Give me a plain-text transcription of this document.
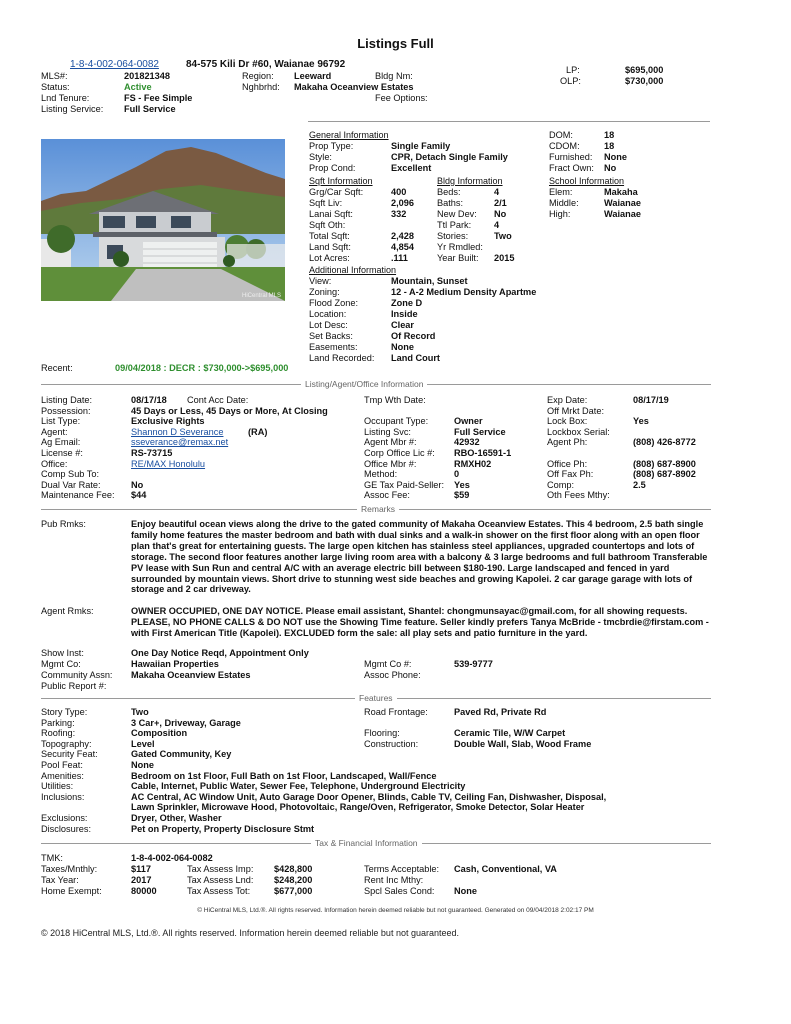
Listings Full
1-8-4-002-064-0082	84-575 Kili Dr #60, Waianae 96792
MLS#:	201821348
Status:	Active
Lnd Tenure:	FS - Fee Simple
Listing Service: Full Service
Region: Leeward
Nghbrhd: Makaha Oceanview Estates
Bldg Nm:
Fee Options:
LP:	$695,000
OLP:	$730,000
HiCentral MLS
General Information
Prop Type:	Single Family
Style:	CPR, Detach Single Family
Prop Cond:	Excellent
DOM:	18
CDOM:	18
Furnished: None
Fract Own: No
Sqft Information
Grg/Car Sqft:	400
Sqft Liv:	2,096
Lanai Sqft:	332
Sqft Oth:
Total Sqft:	2,428
Land Sqft:	4,854
Lot Acres:	.111
Bldg Information
Beds:	4
Baths:	2/1
New Dev: No
Ttl Park: 4
Stories:	Two
Yr Rmdled:
Year Built: 2015
School Information
Elem:	Makaha
Middle:	Waianae
High:	Waianae
Additional Information
View:	Mountain, Sunset
Zoning:	12 - A-2 Medium Density Apartme
Flood Zone:	Zone D
Location:	Inside
Lot Desc:	Clear
Set Backs:	Of Record
Easements:	None
Land Recorded: Land Court
Recent:	09/04/2018 : DECR : $730,000->$695,000
Listing/Agent/Office Information
Listing Date:	08/17/18
Possession:	45 Days or Less, 45 Days or More, At Closing
List Type:	Exclusive Rights
Agent:	Shannon D Severance	(RA)
Ag Email:	sseverance@remax.net
License #:	RS-73715
Office:	RE/MAX Honolulu
Comp Sub To:
Dual Var Rate:	No
Maintenance Fee: $44
Cont Acc Date:	Tmp Wth Date:
Occupant Type:	Owner
Listing Svc:	Full Service
Agent Mbr #:	42932
Corp Office Lic #: RBO-16591-1
Office Mbr #:	RMXH02
Method:	0
GE Tax Paid-Seller: Yes
Assoc Fee:	$59
Exp Date:	08/17/19
Off Mrkt Date:
Lock Box:	Yes
Lockbox Serial:
Agent Ph:	(808) 426-8772
Office Ph:	(808) 687-8900
Off Fax Ph:	(808) 687-8902
Comp:	2.5
Oth Fees Mthy:
Remarks
Pub Rmks:	Enjoy beautiful ocean views along the drive to the gated community of Makaha Oceanview Estates. This 4 bedroom, 2.5 bath single family home features the master bedroom and bath with dual sinks and a walk-in shower on the first floor along with an open floor plan that's great for entertaining guests. The large open kitchen has stainless steel appliances, upgraded countertops and lots of storage. The second floor features another large living room area with a balcony & 3 large bedrooms and full bathroom Transferable PV lease with Sun Run and central A/C with an average electric bill between $180-190. Large landscaped and fenced in yard surrounded by mountain views. Short drive to stunning west side beaches and growing Kapolei. 2 car garage garage with lots of storage and 2 car driveway.
Agent Rmks:	OWNER OCCUPIED, ONE DAY NOTICE. Please email assistant, Shantel: chongmunsayac@gmail.com, for all showing requests. PLEASE, NO PHONE CALLS & DO NOT use the Showing Time feature. Seller kindly prefers Tanya McBride - tmcbrdie@firstam.com - with First American Title (Kapolei). EXCLUDED form the sale: all play sets and patio furniture in the yard.
Show Inst:	One Day Notice Reqd, Appointment Only
Mgmt Co:	Hawaiian Properties	Mgmt Co #:	539-9777
Community Assn: Makaha Oceanview Estates	Assoc Phone:
Public Report #:
Features
Story Type:	Two
Parking:	3 Car+, Driveway, Garage
Roofing:	Composition
Topography:	Level
Security Feat:	Gated Community, Key
Pool Feat:	None
Amenities:	Bedroom on 1st Floor, Full Bath on 1st Floor, Landscaped, Wall/Fence
Utilities:	Cable, Internet, Public Water, Sewer Fee, Telephone, Underground Electricity
Inclusions:	AC Central, AC Window Unit, Auto Garage Door Opener, Blinds, Cable TV, Ceiling Fan, Dishwasher, Disposal,
Lawn Sprinkler, Microwave Hood, Photovoltaic, Range/Oven, Refrigerator, Smoke Detector, Solar Heater
Exclusions:	Dryer, Other, Washer
Disclosures:	Pet on Property, Property Disclosure Stmt
Road Frontage:	Paved Rd, Private Rd
Flooring:	Ceramic Tile, W/W Carpet
Construction:	Double Wall, Slab, Wood Frame
Tax & Financial Information
TMK:	1-8-4-002-064-0082
Taxes/Mnthly:	$117
Tax Year:	2017
Home Exempt:	80000
Tax Assess Imp: $428,800
Tax Assess Lnd: $248,200
Tax Assess Tot:	$677,000
Terms Acceptable: Cash, Conventional, VA
Rent Inc Mthy:
Spcl Sales Cond: None
© HiCentral MLS, Ltd.®. All rights reserved. Information herein deemed reliable but not guaranteed. Generated on 09/04/2018 2:02:17 PM
© 2018 HiCentral MLS, Ltd.®. All rights reserved. Information herein deemed reliable but not guaranteed.
